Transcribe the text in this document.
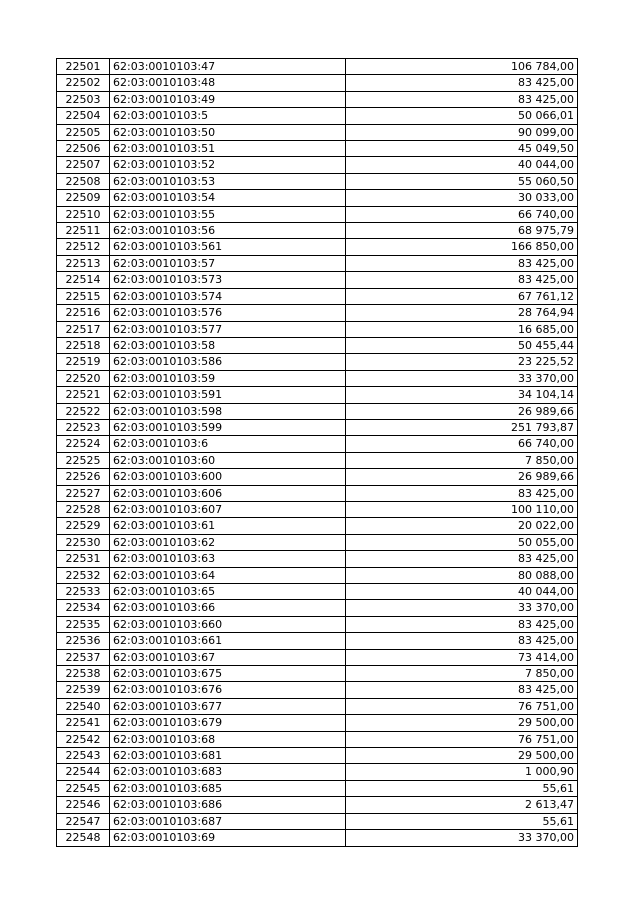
22501	62:03:0010103:47	106 784,00
22502	62:03:0010103:48	83 425,00
22503	62:03:0010103:49	83 425,00
22504	62:03:0010103:5	50 066,01
22505	62:03:0010103:50	90 099,00
22506	62:03:0010103:51	45 049,50
22507	62:03:0010103:52	40 044,00
22508	62:03:0010103:53	55 060,50
22509	62:03:0010103:54	30 033,00
22510	62:03:0010103:55	66 740,00
22511	62:03:0010103:56	68 975,79
22512	62:03:0010103:561	166 850,00
22513	62:03:0010103:57	83 425,00
22514	62:03:0010103:573	83 425,00
22515	62:03:0010103:574	67 761,12
22516	62:03:0010103:576	28 764,94
22517	62:03:0010103:577	16 685,00
22518	62:03:0010103:58	50 455,44
22519	62:03:0010103:586	23 225,52
22520	62:03:0010103:59	33 370,00
22521	62:03:0010103:591	34 104,14
22522	62:03:0010103:598	26 989,66
22523	62:03:0010103:599	251 793,87
22524	62:03:0010103:6	66 740,00
22525	62:03:0010103:60	7 850,00
22526	62:03:0010103:600	26 989,66
22527	62:03:0010103:606	83 425,00
22528	62:03:0010103:607	100 110,00
22529	62:03:0010103:61	20 022,00
22530	62:03:0010103:62	50 055,00
22531	62:03:0010103:63	83 425,00
22532	62:03:0010103:64	80 088,00
22533	62:03:0010103:65	40 044,00
22534	62:03:0010103:66	33 370,00
22535	62:03:0010103:660	83 425,00
22536	62:03:0010103:661	83 425,00
22537	62:03:0010103:67	73 414,00
22538	62:03:0010103:675	7 850,00
22539	62:03:0010103:676	83 425,00
22540	62:03:0010103:677	76 751,00
22541	62:03:0010103:679	29 500,00
22542	62:03:0010103:68	76 751,00
22543	62:03:0010103:681	29 500,00
22544	62:03:0010103:683	1 000,90
22545	62:03:0010103:685	55,61
22546	62:03:0010103:686	2 613,47
22547	62:03:0010103:687	55,61
22548	62:03:0010103:69	33 370,00
